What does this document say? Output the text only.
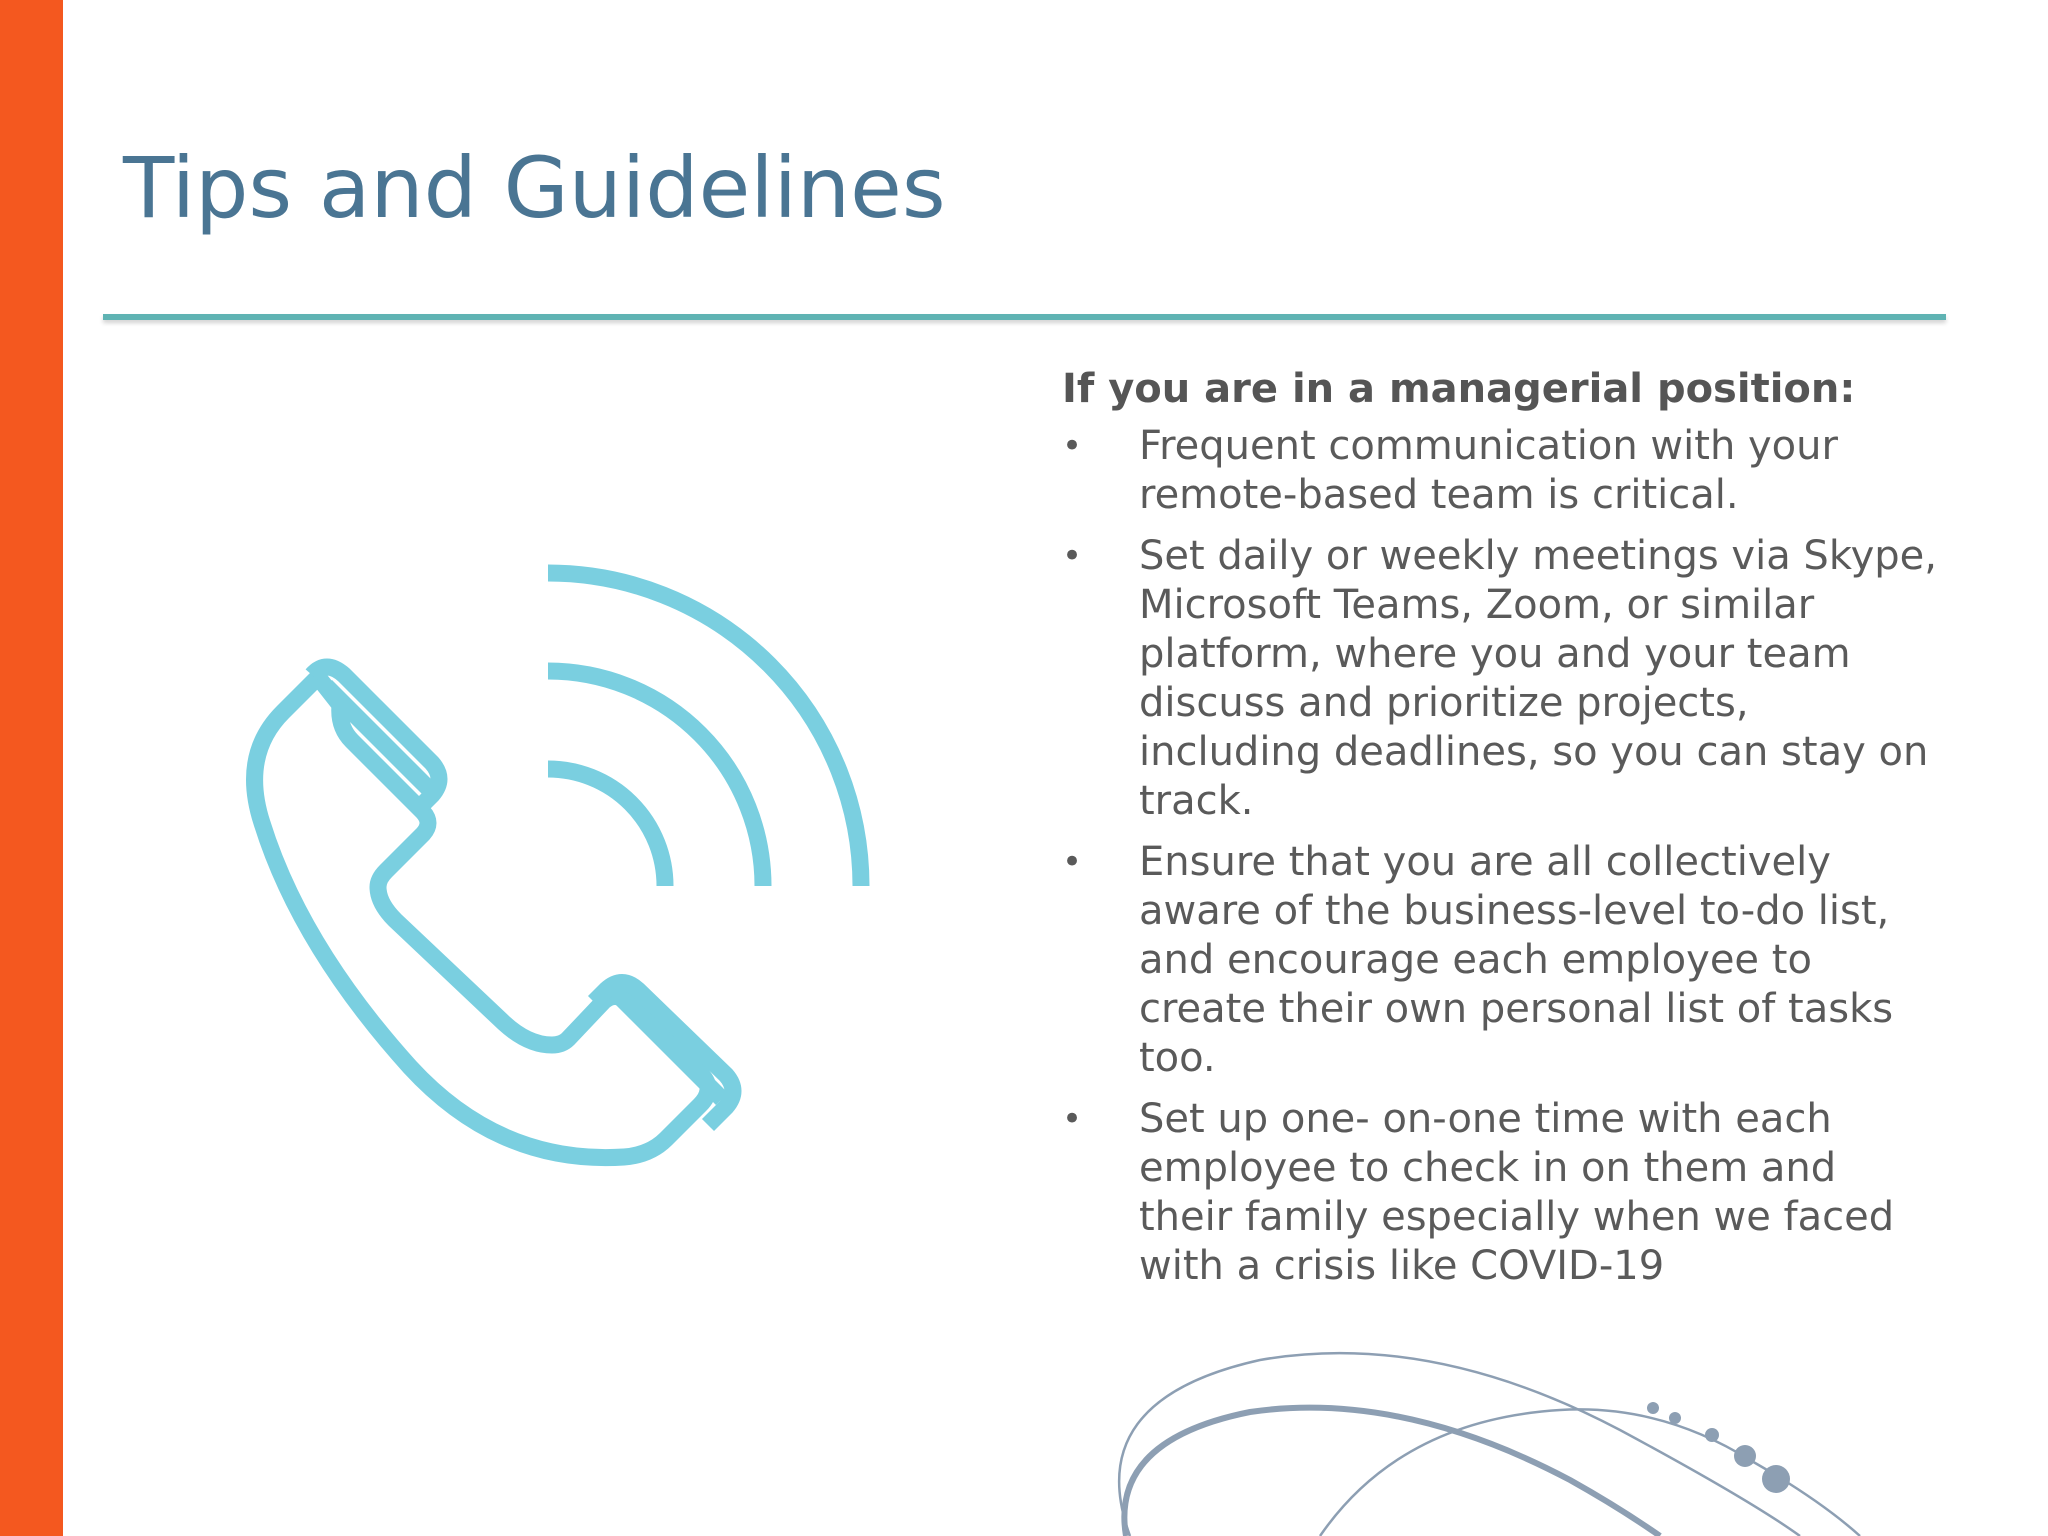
Tips and Guidelines

If you are in a managerial position:

• Frequent communication with your remote-based team is critical.
• Set daily or weekly meetings via Skype, Microsoft Teams, Zoom, or similar platform, where you and your team discuss and prioritize projects, including deadlines, so you can stay on track.
• Ensure that you are all collectively aware of the business-level to-do list, and encourage each employee to create their own personal list of tasks too.
• Set up one- on-one time with each employee to check in on them and their family especially when we faced with a crisis like COVID-19
